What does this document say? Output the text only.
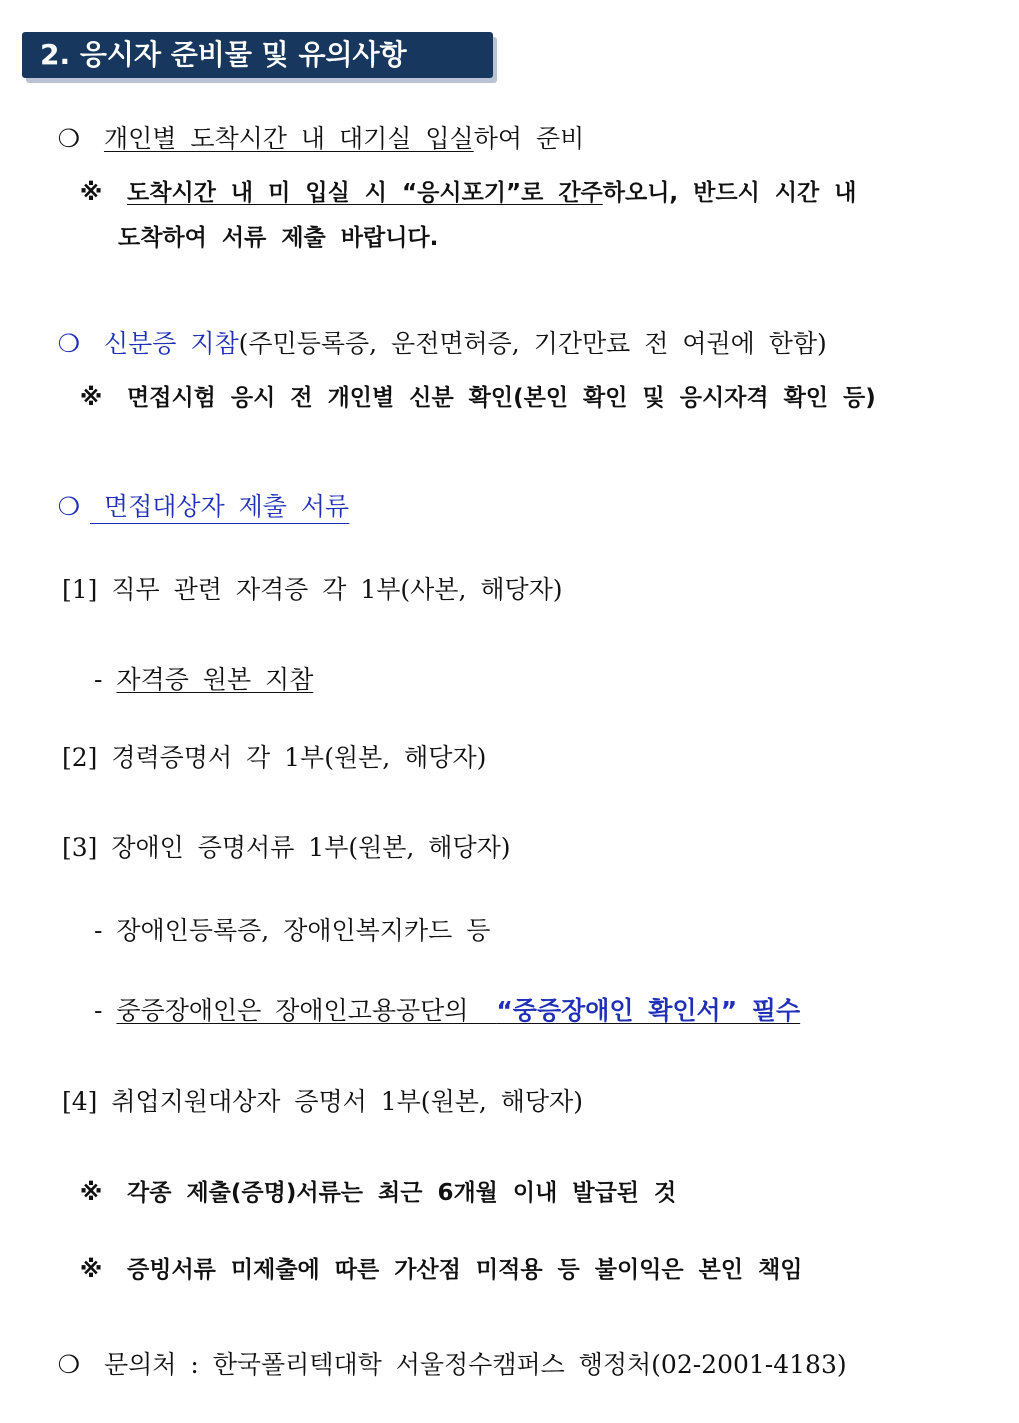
2. 응시자 준비물 및 유의사항
❍ 개인별 도착시간 내 대기실 입실하여 준비
※ 도착시간 내 미 입실 시 “응시포기”로 간주하오니, 반드시 시간 내
도착하여 서류 제출 바랍니다.
❍ 신분증 지참(주민등록증, 운전면허증, 기간만료 전 여권에 한함)
※ 면접시험 응시 전 개인별 신분 확인(본인 확인 및 응시자격 확인 등)
❍ 면접대상자 제출 서류
[1] 직무 관련 자격증 각 1부(사본, 해당자)
- 자격증 원본 지참
[2] 경력증명서 각 1부(원본, 해당자)
[3] 장애인 증명서류 1부(원본, 해당자)
- 장애인등록증, 장애인복지카드 등
- 중증장애인은 장애인고용공단의 “중증장애인 확인서” 필수
[4] 취업지원대상자 증명서 1부(원본, 해당자)
※ 각종 제출(증명)서류는 최근 6개월 이내 발급된 것
※ 증빙서류 미제출에 따른 가산점 미적용 등 불이익은 본인 책임
❍ 문의처 : 한국폴리텍대학 서울정수캠퍼스 행정처(02-2001-4183)
